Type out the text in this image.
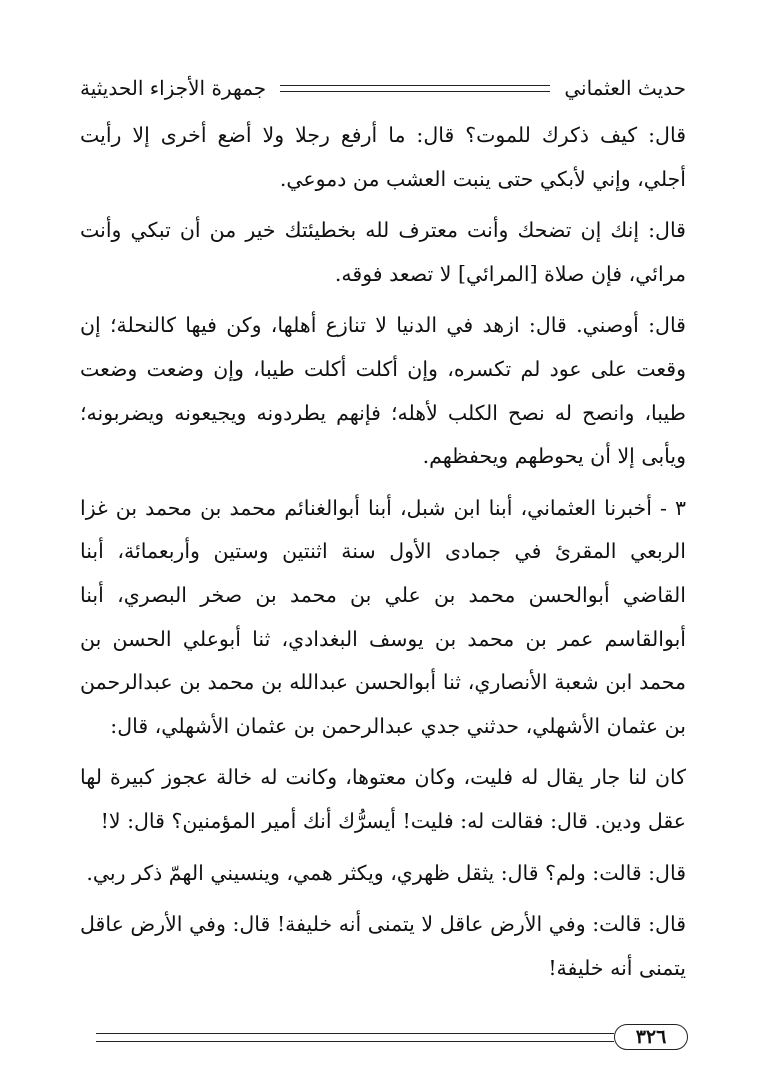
حديث العثماني
جمهرة الأجزاء الحديثية

قال: كيف ذكرك للموت؟ قال: ما أرفع رجلا ولا أضع أخرى إلا رأيت أجلي، وإني لأبكي حتى ينبت العشب من دموعي.

قال: إنك إن تضحك وأنت معترف لله بخطيئتك خير من أن تبكي وأنت مرائي، فإن صلاة [المرائي] لا تصعد فوقه.

قال: أوصني. قال: ازهد في الدنيا لا تنازع أهلها، وكن فيها كالنحلة؛ إن وقعت على عود لم تكسره، وإن أكلت أكلت طيبا، وإن وضعت وضعت طيبا، وانصح له نصح الكلب لأهله؛ فإنهم يطردونه ويجيعونه ويضربونه؛ ويأبى إلا أن يحوطهم ويحفظهم.

٣ - أخبرنا العثماني، أبنا ابن شبل، أبنا أبوالغنائم محمد بن محمد بن غزا الربعي المقرئ في جمادى الأول سنة اثنتين وستين وأربعمائة، أبنا القاضي أبوالحسن محمد بن علي بن محمد بن صخر البصري، أبنا أبوالقاسم عمر بن محمد بن يوسف البغدادي، ثنا أبوعلي الحسن بن محمد ابن شعبة الأنصاري، ثنا أبوالحسن عبدالله بن محمد بن عبدالرحمن بن عثمان الأشهلي، حدثني جدي عبدالرحمن بن عثمان الأشهلي، قال:

كان لنا جار يقال له فليت، وكان معتوها، وكانت له خالة عجوز كبيرة لها عقل ودين. قال: فقالت له: فليت! أيسرُّك أنك أمير المؤمنين؟ قال: لا!

قال: قالت: ولم؟ قال: يثقل ظهري، ويكثر همي، وينسيني الهمّ ذكر ربي.

قال: قالت: وفي الأرض عاقل لا يتمنى أنه خليفة! قال: وفي الأرض عاقل يتمنى أنه خليفة!

٣٢٦
